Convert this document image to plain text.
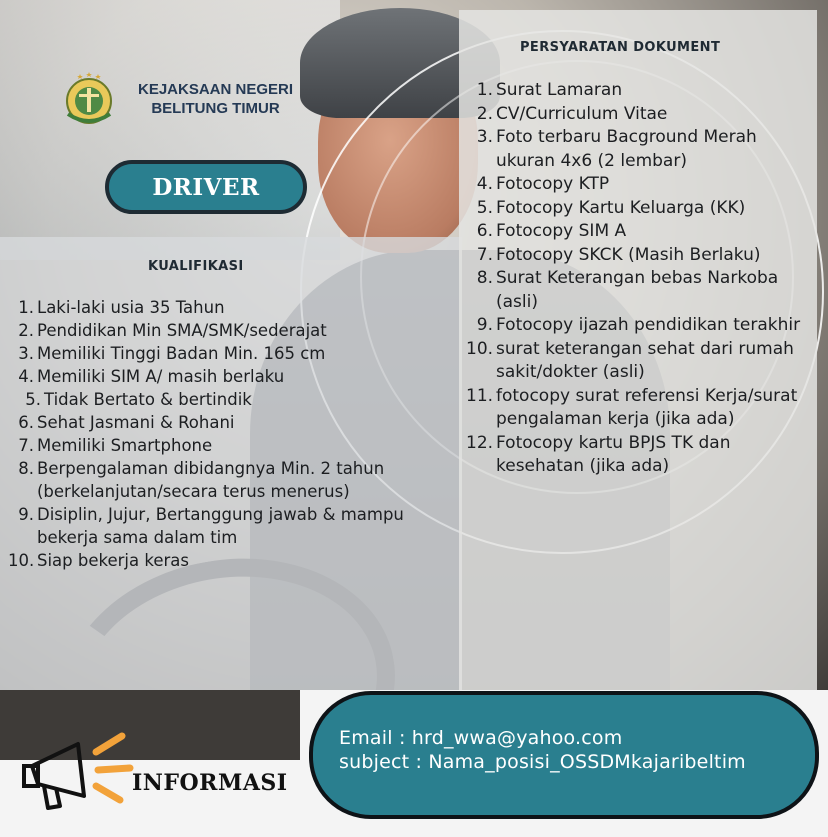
KEJAKSAAN NEGERI
BELITUNG TIMUR
DRIVER
KUALIFIKASI
1. Laki-laki usia 35 Tahun
2. Pendidikan Min SMA/SMK/sederajat
3. Memiliki Tinggi Badan Min. 165 cm
4. Memiliki SIM A/ masih berlaku
5. Tidak Bertato & bertindik
6. Sehat Jasmani & Rohani
7. Memiliki Smartphone
8. Berpengalaman dibidangnya Min. 2 tahun (berkelanjutan/secara terus menerus)
9. Disiplin, Jujur, Bertanggung jawab & mampu bekerja sama dalam tim
10. Siap bekerja keras
PERSYARATAN DOKUMENT
1. Surat Lamaran
2. CV/Curriculum Vitae
3. Foto terbaru Bacground Merah ukuran 4x6 (2 lembar)
4. Fotocopy KTP
5. Fotocopy Kartu Keluarga (KK)
6. Fotocopy SIM A
7. Fotocopy SKCK (Masih Berlaku)
8. Surat Keterangan bebas Narkoba (asli)
9. Fotocopy ijazah pendidikan terakhir
10. surat keterangan sehat dari rumah sakit/dokter (asli)
11. fotocopy surat referensi Kerja/surat pengalaman kerja (jika ada)
12. Fotocopy kartu BPJS TK dan kesehatan (jika ada)
INFORMASI
Email : hrd_wwa@yahoo.com
subject : Nama_posisi_OSSDMkajaribeltim
